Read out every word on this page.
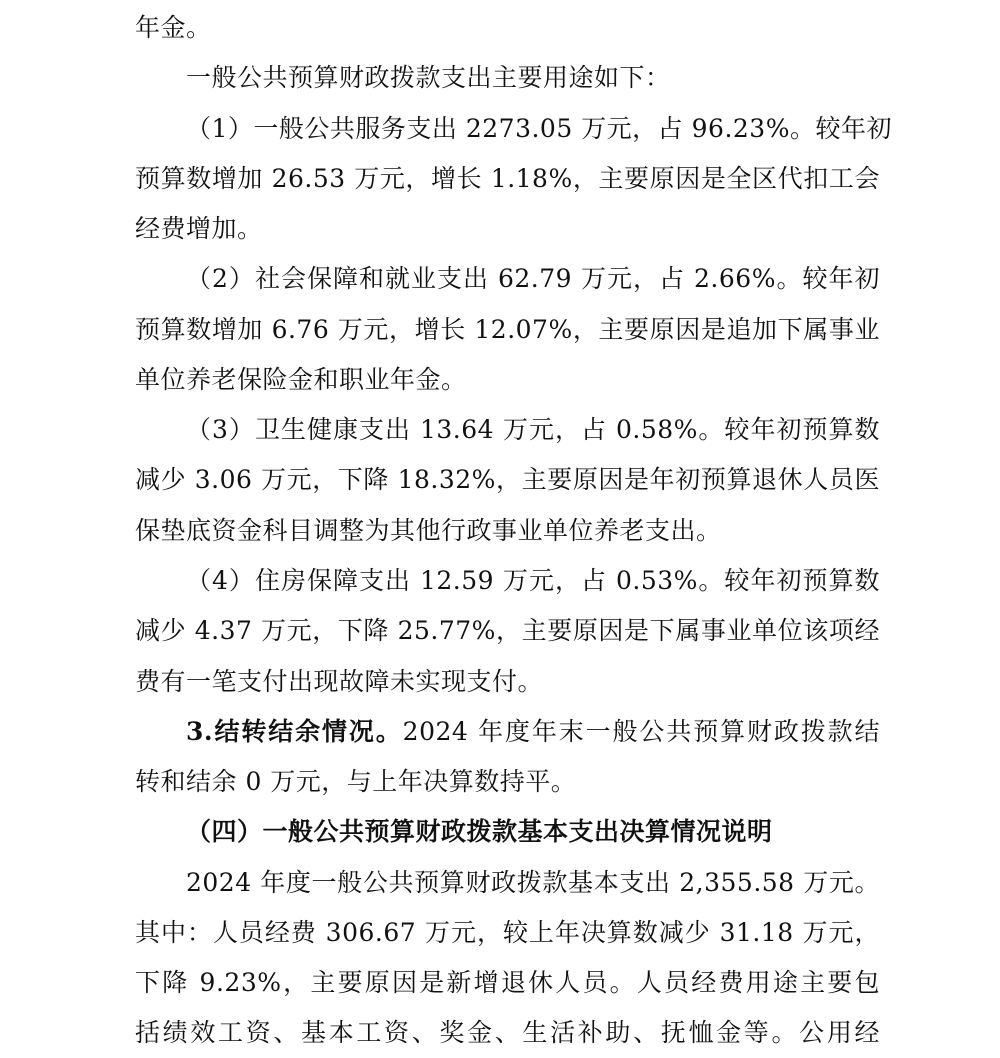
年金。
一般公共预算财政拨款支出主要用途如下：
（1）一般公共服务支出 2273.05 万元，占 96.23%。较年初
预算数增加 26.53 万元，增长 1.18%，主要原因是全区代扣工会
经费增加。
（2）社会保障和就业支出 62.79 万元，占 2.66%。较年初
预算数增加 6.76 万元，增长 12.07%，主要原因是追加下属事业
单位养老保险金和职业年金。
（3）卫生健康支出 13.64 万元，占 0.58%。较年初预算数
减少 3.06 万元，下降 18.32%，主要原因是年初预算退休人员医
保垫底资金科目调整为其他行政事业单位养老支出。
（4）住房保障支出 12.59 万元，占 0.53%。较年初预算数
减少 4.37 万元，下降 25.77%，主要原因是下属事业单位该项经
费有一笔支付出现故障未实现支付。
3.结转结余情况。2024 年度年末一般公共预算财政拨款结
转和结余 0 万元，与上年决算数持平。
（四）一般公共预算财政拨款基本支出决算情况说明
2024 年度一般公共预算财政拨款基本支出 2,355.58 万元。
其中：人员经费 306.67 万元，较上年决算数减少 31.18 万元，
下降 9.23%，主要原因是新增退休人员。人员经费用途主要包
括绩效工资、基本工资、奖金、生活补助、抚恤金等。公用经
